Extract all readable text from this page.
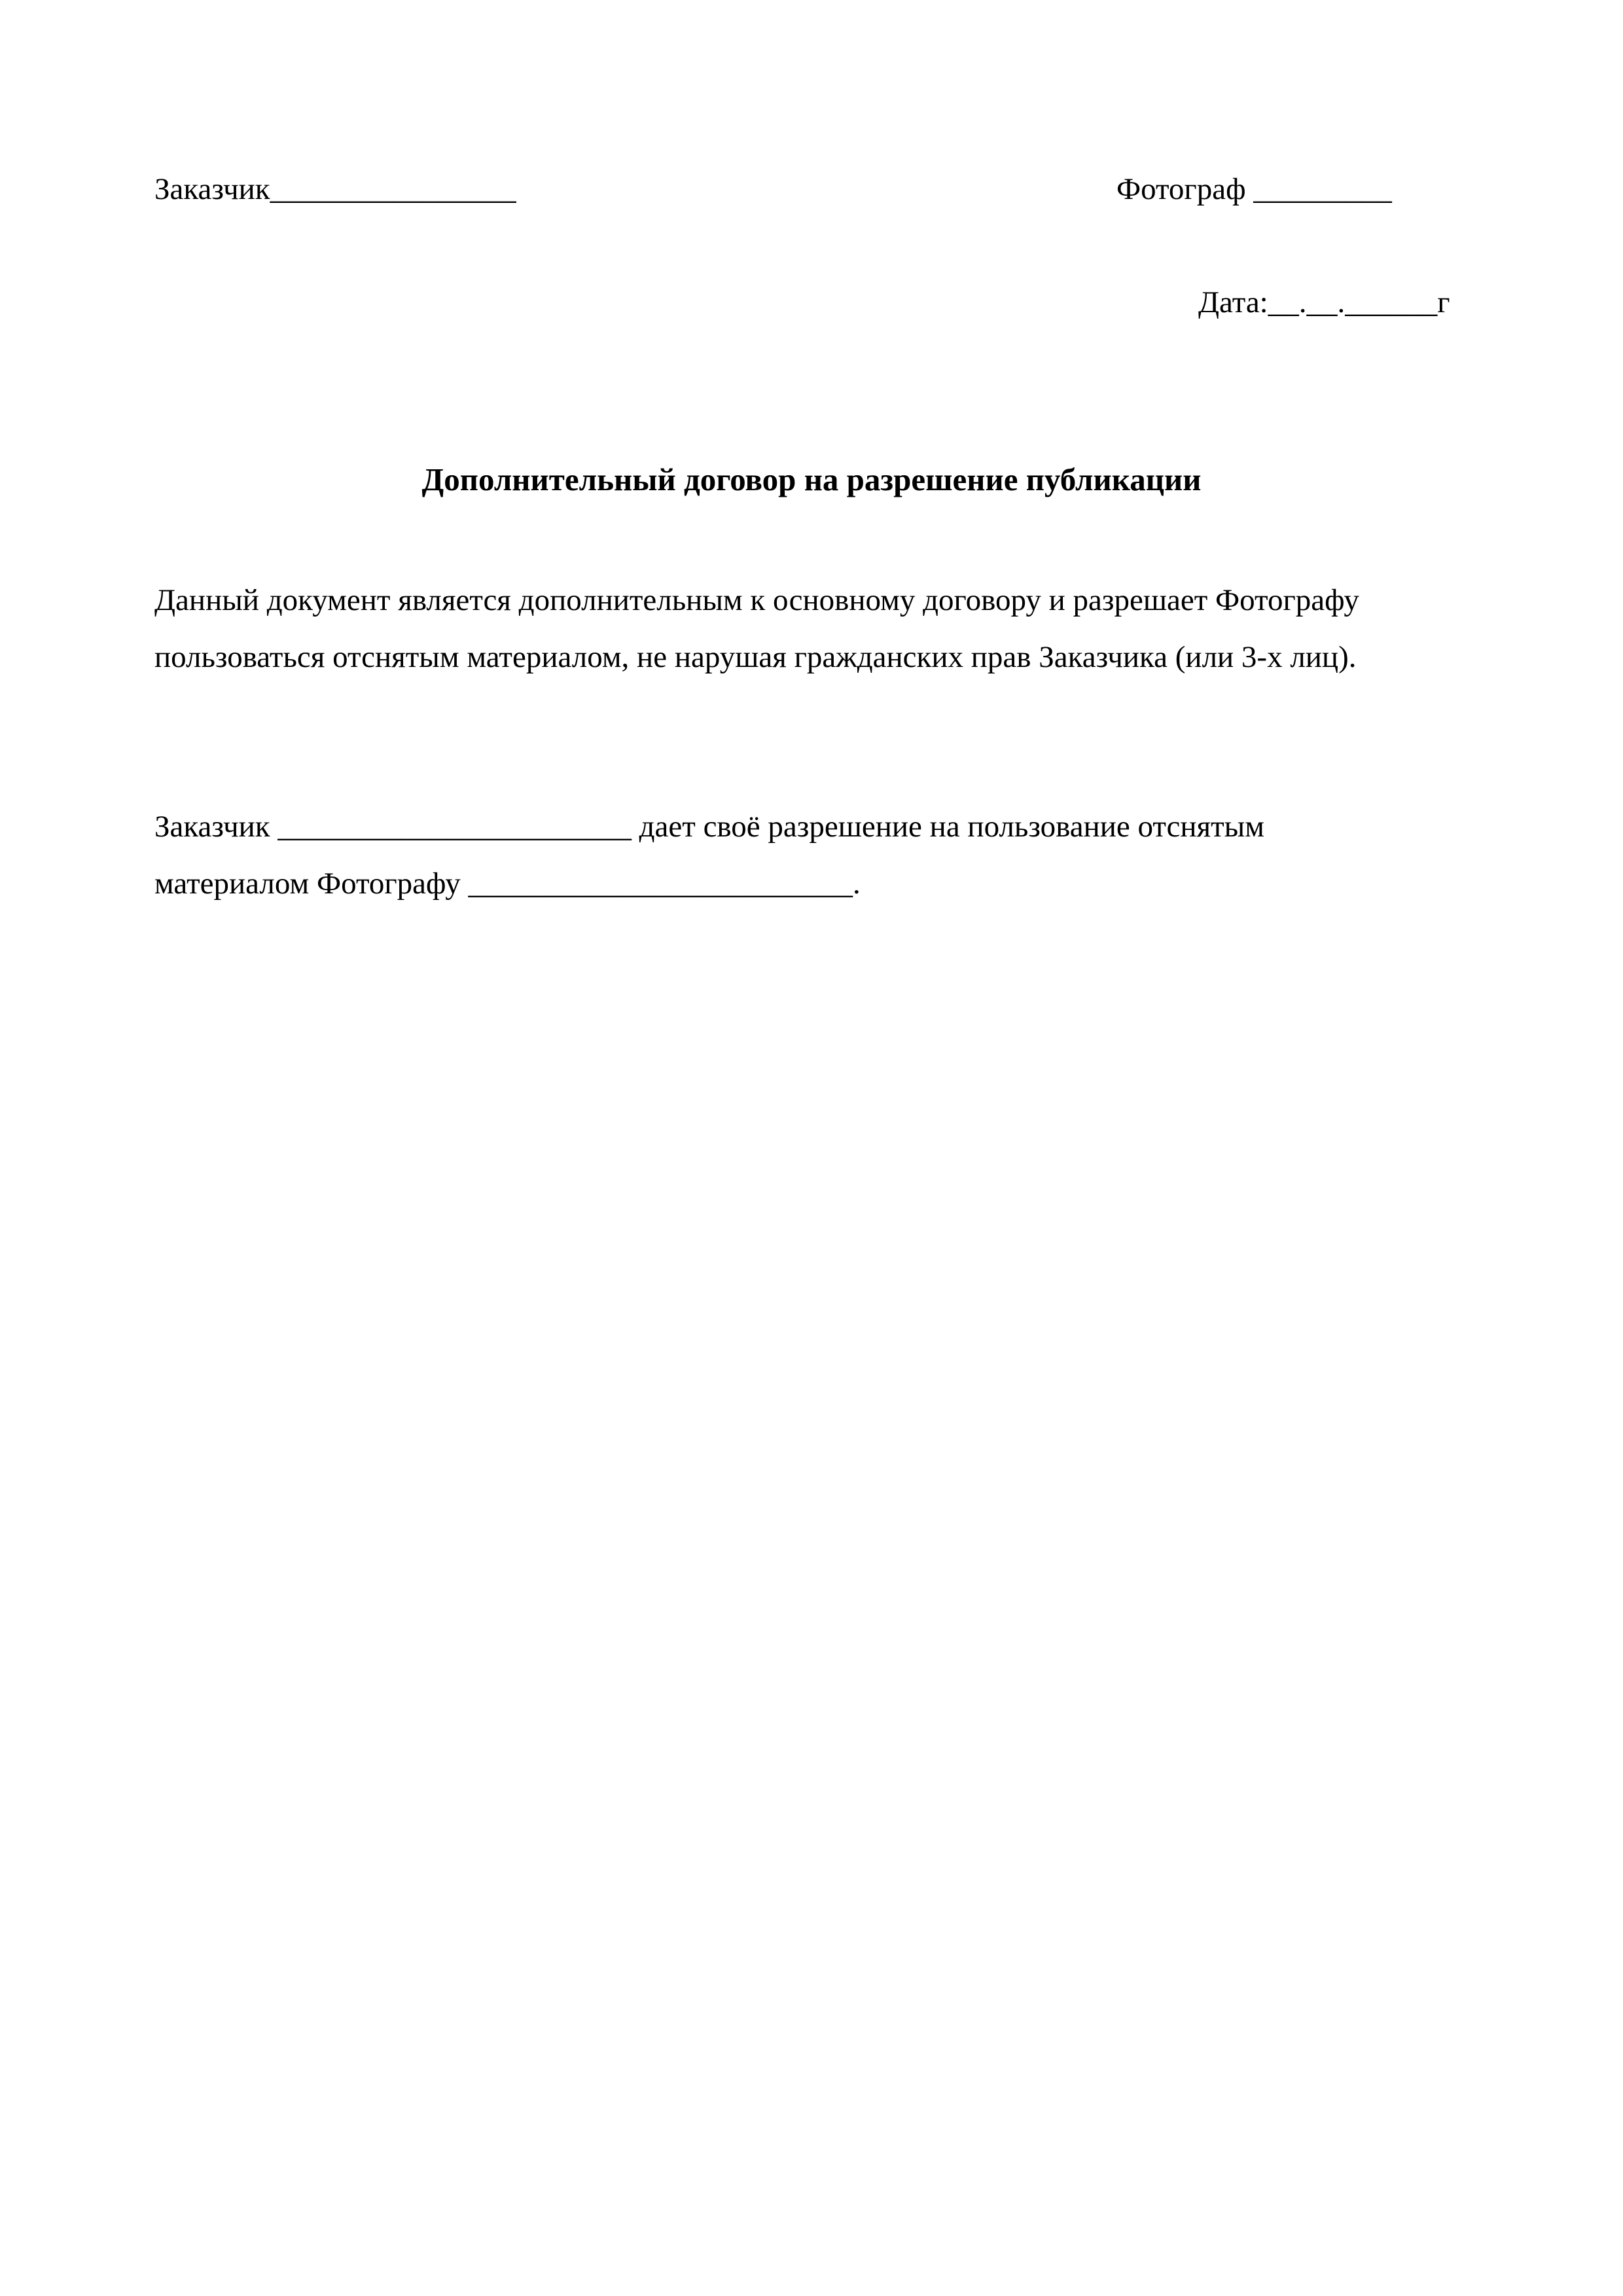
Заказчик________________	Фотограф _________
Дата:__.__.______г
Дополнительный договор на разрешение публикации
Данный документ является дополнительным к основному договору и разрешает Фотографу
пользоваться отснятым материалом, не нарушая гражданских прав Заказчика (или 3-х лиц).
Заказчик _______________________ дает своё разрешение на пользование отснятым
материалом Фотографу _________________________.
